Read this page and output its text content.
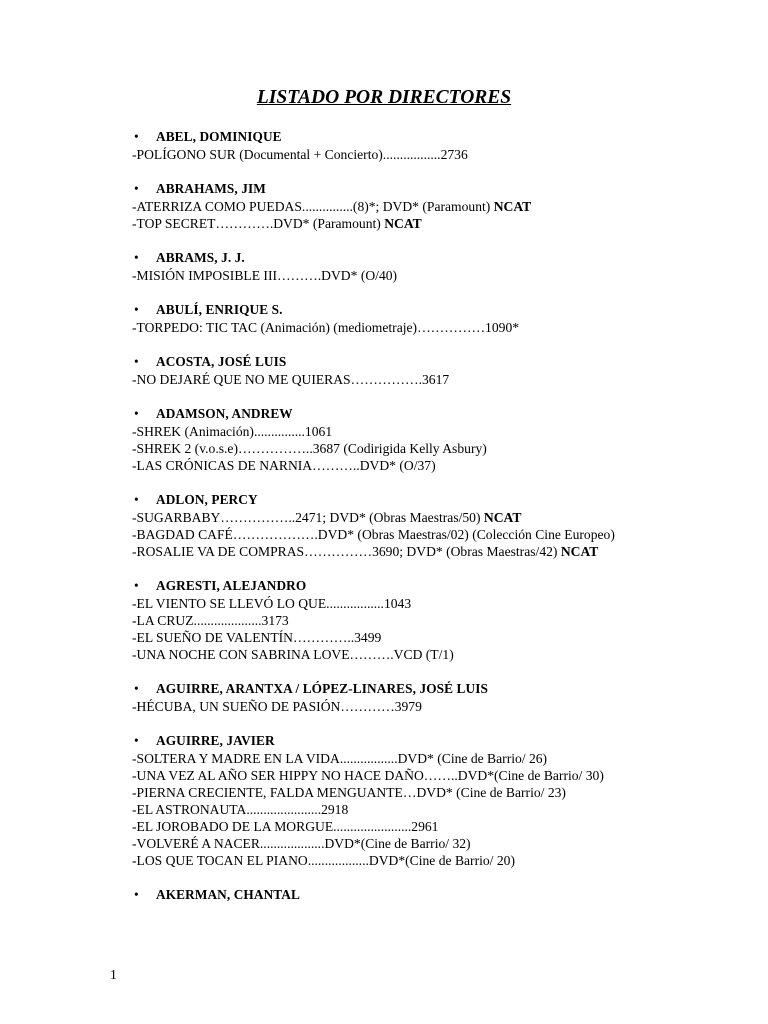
LISTADO POR DIRECTORES
• ABEL, DOMINIQUE
-POLÍGONO SUR (Documental + Concierto).................2736
• ABRAHAMS, JIM
-ATERRIZA COMO PUEDAS...............(8)*; DVD* (Paramount) NCAT
-TOP SECRET………….DVD* (Paramount) NCAT
• ABRAMS, J. J.
-MISIÓN IMPOSIBLE III……….DVD* (O/40)
• ABULÍ, ENRIQUE S.
-TORPEDO: TIC TAC (Animación) (mediometraje)……………1090*
• ACOSTA, JOSÉ LUIS
-NO DEJARÉ QUE NO ME QUIERAS…………….3617
• ADAMSON, ANDREW
-SHREK (Animación)...............1061
-SHREK 2 (v.o.s.e)……………..3687 (Codirigida Kelly Asbury)
-LAS CRÓNICAS DE NARNIA………..DVD* (O/37)
• ADLON, PERCY
-SUGARBABY……………..2471; DVD* (Obras Maestras/50) NCAT
-BAGDAD CAFÉ……………….DVD* (Obras Maestras/02) (Colección Cine Europeo)
-ROSALIE VA DE COMPRAS……………3690; DVD* (Obras Maestras/42) NCAT
• AGRESTI, ALEJANDRO
-EL VIENTO SE LLEVÓ LO QUE.................1043
-LA CRUZ....................3173
-EL SUEÑO DE VALENTÍN…………..3499
-UNA NOCHE CON SABRINA LOVE……….VCD (T/1)
• AGUIRRE, ARANTXA / LÓPEZ-LINARES, JOSÉ LUIS
-HÉCUBA, UN SUEÑO DE PASIÓN…………3979
• AGUIRRE, JAVIER
-SOLTERA Y MADRE EN LA VIDA.................DVD* (Cine de Barrio/ 26)
-UNA VEZ AL AÑO SER HIPPY NO HACE DAÑO……..DVD*(Cine de Barrio/ 30)
-PIERNA CRECIENTE, FALDA MENGUANTE…DVD* (Cine de Barrio/ 23)
-EL ASTRONAUTA......................2918
-EL JOROBADO DE LA MORGUE.......................2961
-VOLVERÉ A NACER...................DVD*(Cine de Barrio/ 32)
-LOS QUE TOCAN EL PIANO..................DVD*(Cine de Barrio/ 20)
• AKERMAN, CHANTAL
1
